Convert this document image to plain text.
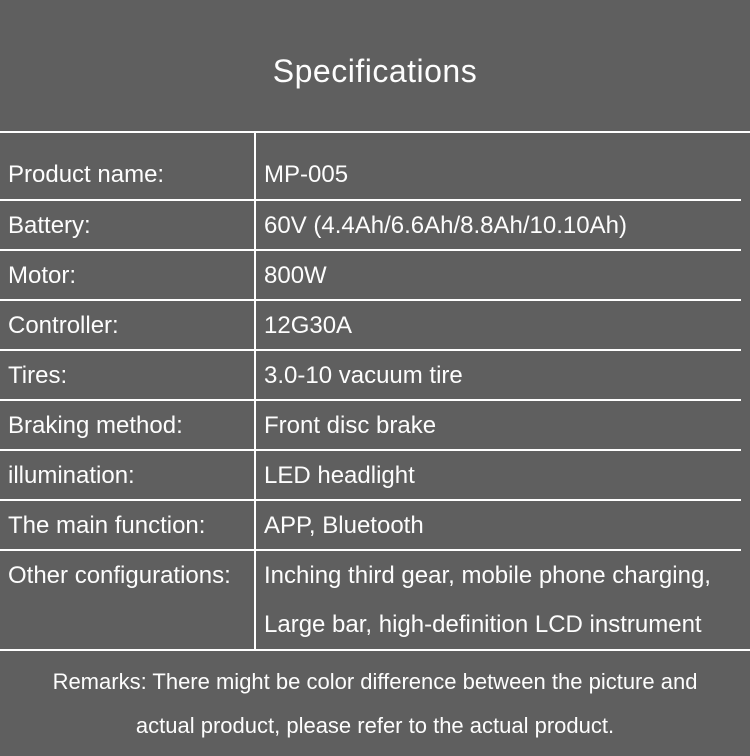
Specifications
Product name:	MP-005
Battery:	60V (4.4Ah/6.6Ah/8.8Ah/10.10Ah)
Motor:	800W
Controller:	12G30A
Tires:	3.0-10 vacuum tire
Braking method:	Front disc brake
illumination:	LED headlight
The main function:	APP, Bluetooth
Other configurations:	Inching third gear, mobile phone charging,
Large bar, high-definition LCD instrument
Remarks: There might be color difference between the picture and
actual product, please refer to the actual product.
